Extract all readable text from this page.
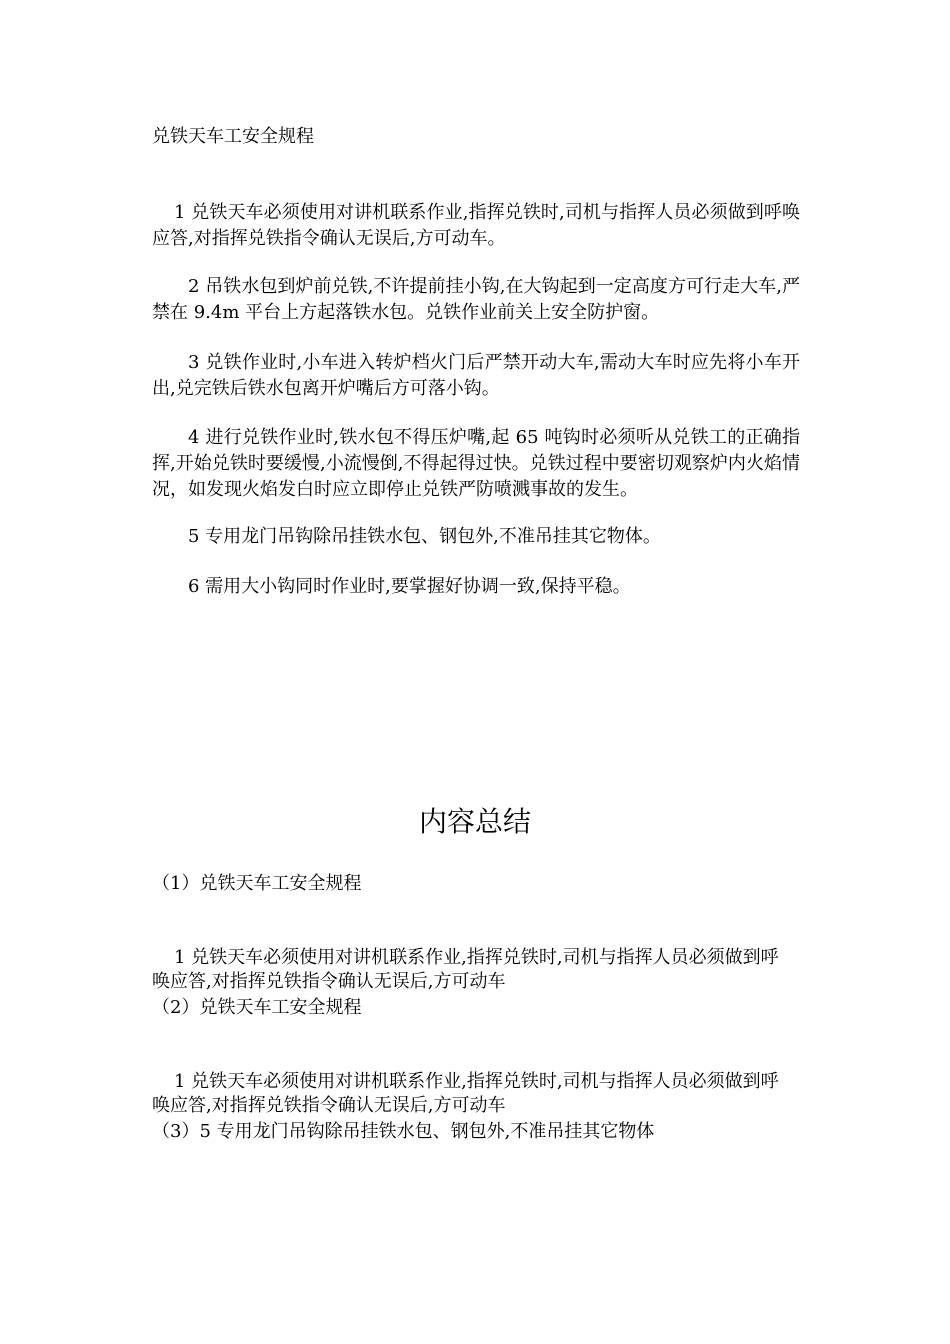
兑铁天车工安全规程

1 兑铁天车必须使用对讲机联系作业,指挥兑铁时,司机与指挥人员必须做到呼唤应答,对指挥兑铁指令确认无误后,方可动车。

2 吊铁水包到炉前兑铁,不许提前挂小钩,在大钩起到一定高度方可行走大车,严禁在 9.4m 平台上方起落铁水包。兑铁作业前关上安全防护窗。

3 兑铁作业时,小车进入转炉档火门后严禁开动大车,需动大车时应先将小车开出,兑完铁后铁水包离开炉嘴后方可落小钩。

4 进行兑铁作业时,铁水包不得压炉嘴,起 65 吨钩时必须听从兑铁工的正确指挥,开始兑铁时要缓慢,小流慢倒,不得起得过快。兑铁过程中要密切观察炉内火焰情况，如发现火焰发白时应立即停止兑铁严防喷溅事故的发生。

5 专用龙门吊钩除吊挂铁水包、钢包外,不准吊挂其它物体。

6 需用大小钩同时作业时,要掌握好协调一致,保持平稳。

内容总结

（1）兑铁天车工安全规程

1 兑铁天车必须使用对讲机联系作业,指挥兑铁时,司机与指挥人员必须做到呼唤应答,对指挥兑铁指令确认无误后,方可动车

（2）兑铁天车工安全规程

1 兑铁天车必须使用对讲机联系作业,指挥兑铁时,司机与指挥人员必须做到呼唤应答,对指挥兑铁指令确认无误后,方可动车

（3）5 专用龙门吊钩除吊挂铁水包、钢包外,不准吊挂其它物体
